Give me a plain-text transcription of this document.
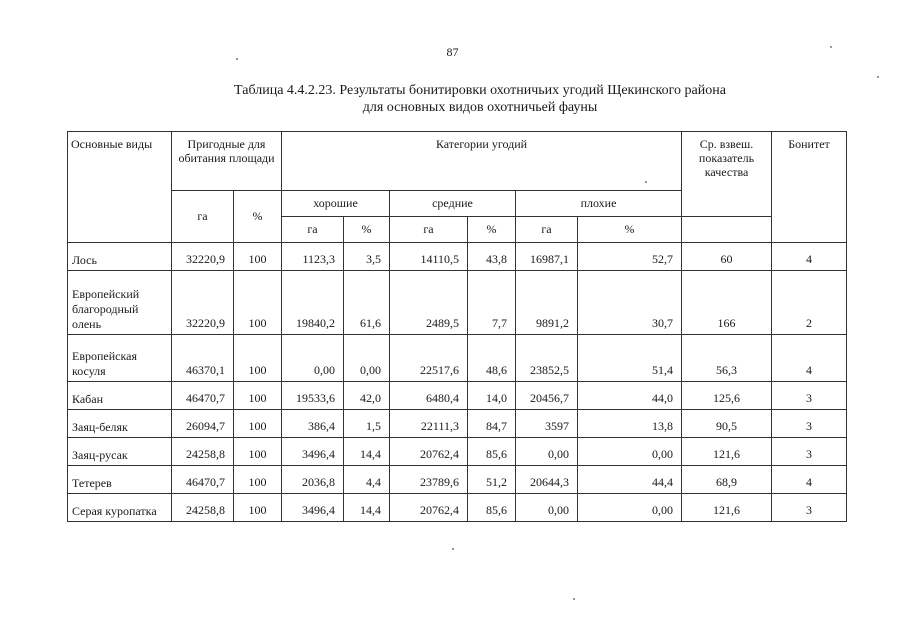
87
Таблица 4.4.2.23. Результаты бонитировки охотничьих угодий Щекинского района
для основных видов охотничьей фауны
Основные виды	Пригодные для обитания площади		Категории угодий						Ср. взвеш. показатель качества	Бонитет
	га	%	хорошие		средние		плохие			
			га	%	га	%	га	%		
Лось	32220,9	100	1123,3	3,5	14110,5	43,8	16987,1	52,7	60	4
Европейский благородный олень	32220,9	100	19840,2	61,6	2489,5	7,7	9891,2	30,7	166	2
Европейская косуля	46370,1	100	0,00	0,00	22517,6	48,6	23852,5	51,4	56,3	4
Кабан	46470,7	100	19533,6	42,0	6480,4	14,0	20456,7	44,0	125,6	3
Заяц-беляк	26094,7	100	386,4	1,5	22111,3	84,7	3597	13,8	90,5	3
Заяц-русак	24258,8	100	3496,4	14,4	20762,4	85,6	0,00	0,00	121,6	3
Тетерев	46470,7	100	2036,8	4,4	23789,6	51,2	20644,3	44,4	68,9	4
Серая куропатка	24258,8	100	3496,4	14,4	20762,4	85,6	0,00	0,00	121,6	3
